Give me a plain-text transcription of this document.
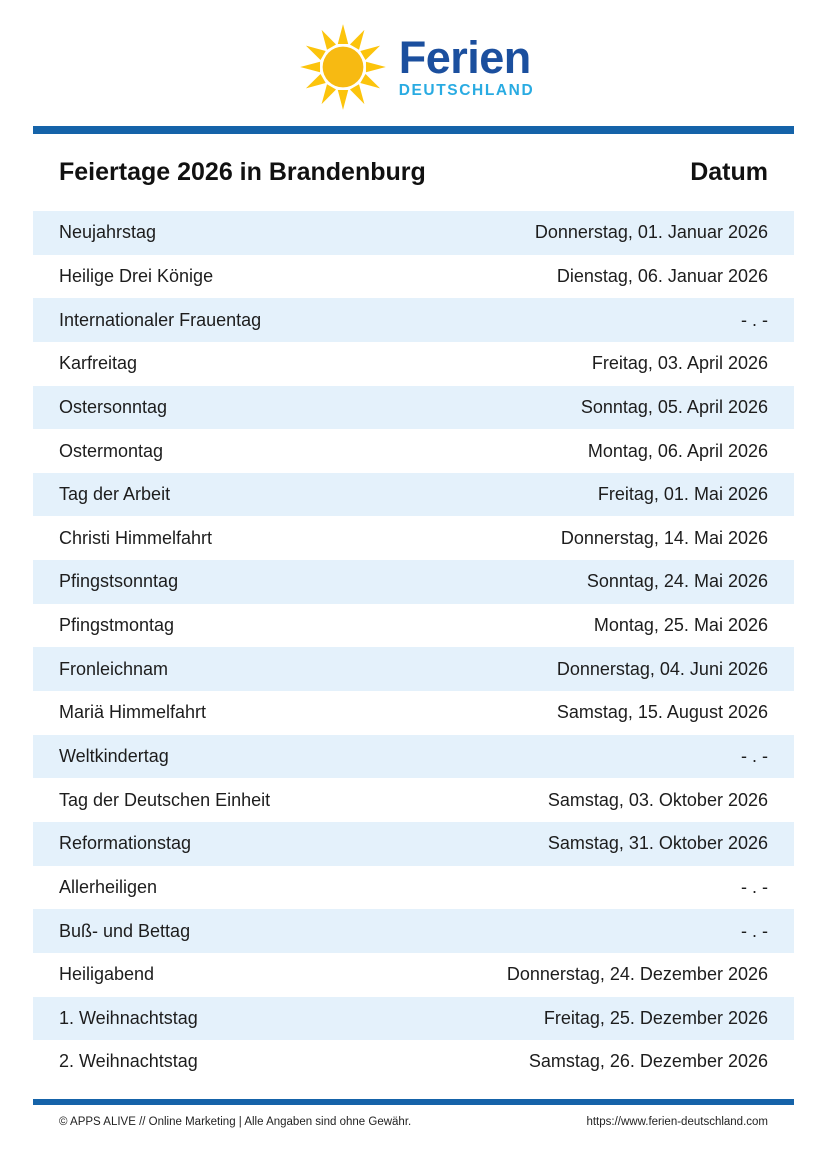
Ferien
DEUTSCHLAND
Feiertage 2026 in Brandenburg	Datum
Neujahrstag	Donnerstag, 01. Januar 2026
Heilige Drei Könige	Dienstag, 06. Januar 2026
Internationaler Frauentag	- . -
Karfreitag	Freitag, 03. April 2026
Ostersonntag	Sonntag, 05. April 2026
Ostermontag	Montag, 06. April 2026
Tag der Arbeit	Freitag, 01. Mai 2026
Christi Himmelfahrt	Donnerstag, 14. Mai 2026
Pfingstsonntag	Sonntag, 24. Mai 2026
Pfingstmontag	Montag, 25. Mai 2026
Fronleichnam	Donnerstag, 04. Juni 2026
Mariä Himmelfahrt	Samstag, 15. August 2026
Weltkindertag	- . -
Tag der Deutschen Einheit	Samstag, 03. Oktober 2026
Reformationstag	Samstag, 31. Oktober 2026
Allerheiligen	- . -
Buß- und Bettag	- . -
Heiligabend	Donnerstag, 24. Dezember 2026
1. Weihnachtstag	Freitag, 25. Dezember 2026
2. Weihnachtstag	Samstag, 26. Dezember 2026
© APPS ALIVE // Online Marketing | Alle Angaben sind ohne Gewähr.	https://www.ferien-deutschland.com
